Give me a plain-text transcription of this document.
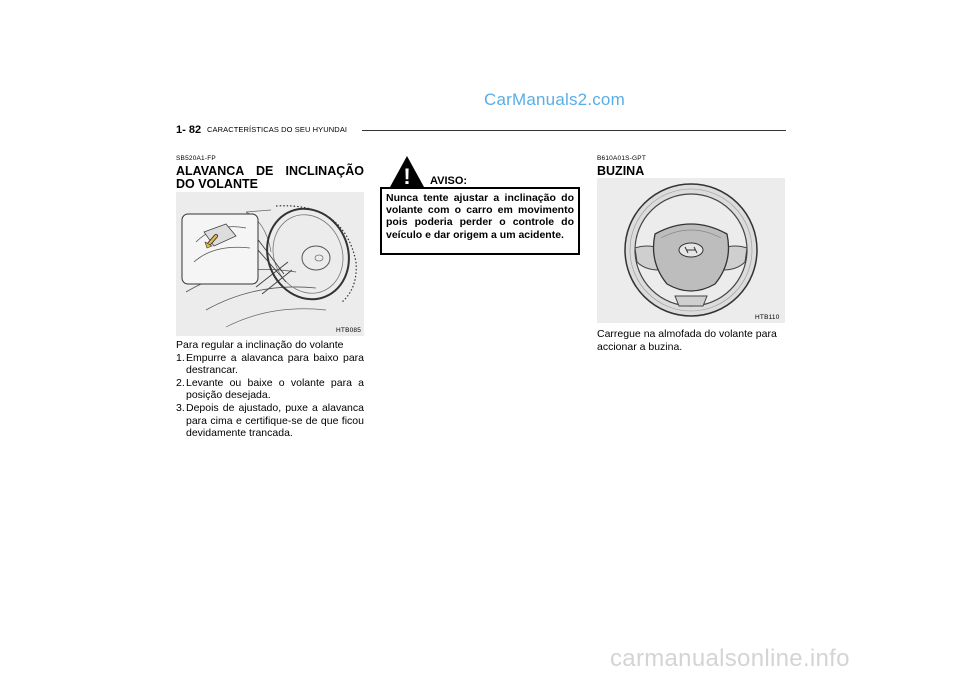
CarManuals2.com
1- 82 CARACTERÍSTICAS DO SEU HYUNDAI
SB520A1-FP
ALAVANCA DE INCLINAÇÃO DO VOLANTE
HTB085
Para regular a inclinação do volante
1. Empurre a alavanca para baixo para destrancar.
2. Levante ou baixe o volante para a posição desejada.
3. Depois de ajustado, puxe a alavanca para cima e certifique-se de que ficou devidamente trancada.
! AVISO:
Nunca tente ajustar a inclinação do volante com o carro em movimento pois poderia perder o controle do veículo e dar origem a um acidente.
B610A01S-GPT
BUZINA
HTB110
Carregue na almofada do volante para accionar a buzina.
carmanualsonline.info
